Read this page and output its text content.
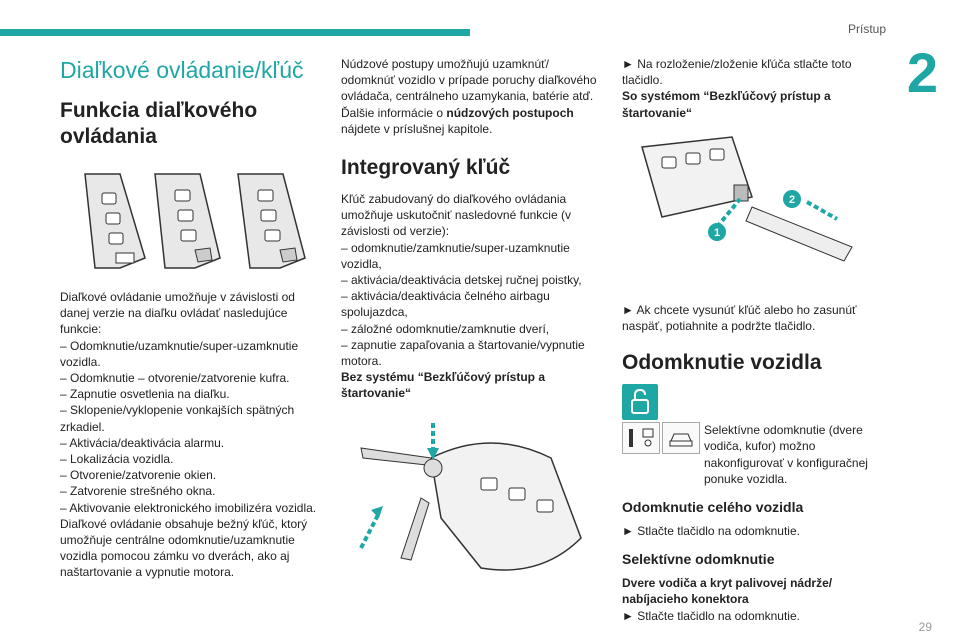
Prístup
2
Diaľkové ovládanie/kľúč
Funkcia diaľkového ovládania

Diaľkové ovládanie umožňuje v závislosti od danej verzie na diaľku ovládať nasledujúce funkcie:

– Odomknutie/uzamknutie/super-uzamknutie vozidla.
– Odomknutie – otvorenie/zatvorenie kufra.
– Zapnutie osvetlenia na diaľku.
– Sklopenie/vyklopenie vonkajších spätných zrkadiel.
– Aktivácia/deaktivácia alarmu.
– Lokalizácia vozidla.
– Otvorenie/zatvorenie okien.
– Zatvorenie strešného okna.
– Aktivovanie elektronického imobilizéra vozidla.

Diaľkové ovládanie obsahuje bežný kľúč, ktorý umožňuje centrálne odomknutie/uzamknutie vozidla pomocou zámku vo dverách, ako aj naštartovanie a vypnutie motora.

Núdzové postupy umožňujú uzamknúť/ odomknúť vozidlo v prípade poruchy diaľkového ovládača, centrálneho uzamykania, batérie atď.

Ďalšie informácie o núdzových postupoch nájdete v príslušnej kapitole.

Integrovaný kľúč

Kľúč zabudovaný do diaľkového ovládania umožňuje uskutočniť nasledovné funkcie (v závislosti od verzie):

– odomknutie/zamknutie/super-uzamknutie vozidla,
– aktivácia/deaktivácia detskej ručnej poistky,
– aktivácia/deaktivácia čelného airbagu spolujazdca,
– záložné odomknutie/zamknutie dverí,
– zapnutie zapaľovania a štartovanie/vypnutie motora.

Bez systému “Bezkľúčový prístup a štartovanie“

► Na rozloženie/zloženie kľúča stlačte toto tlačidlo.

So systémom “Bezkľúčový prístup a štartovanie“

1
2

► Ak chcete vysunúť kľúč alebo ho zasunúť naspäť, potiahnite a podržte tlačidlo.

Odomknutie vozidla

Selektívne odomknutie (dvere vodiča, kufor) možno nakonfigurovať v konfiguračnej ponuke vozidla.

Odomknutie celého vozidla

► Stlačte tlačidlo na odomknutie.

Selektívne odomknutie

Dvere vodiča a kryt palivovej nádrže/ nabíjacieho konektora

► Stlačte tlačidlo na odomknutie.

29
